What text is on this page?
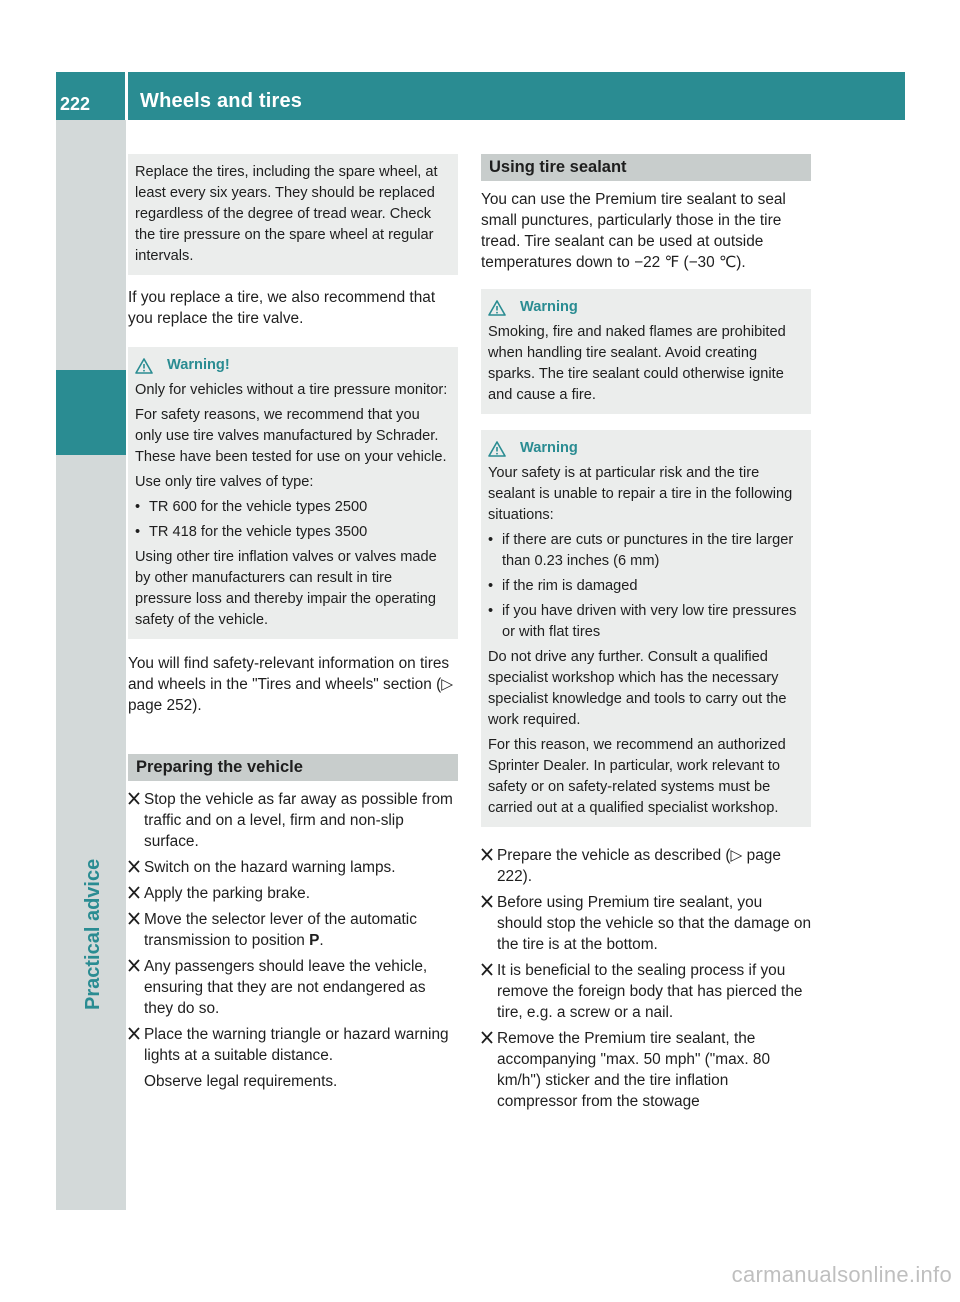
222	Wheels and tires
Practical advice

Replace the tires, including the spare wheel, at least every six years. They should be replaced regardless of the degree of tread wear. Check the tire pressure on the spare wheel at regular intervals.

If you replace a tire, we also recommend that you replace the tire valve.

Warning!

Only for vehicles without a tire pressure monitor:

For safety reasons, we recommend that you only use tire valves manufactured by Schrader. These have been tested for use on your vehicle.

Use only tire valves of type:

• TR 600 for the vehicle types 2500
• TR 418 for the vehicle types 3500

Using other tire inflation valves or valves made by other manufacturers can result in tire pressure loss and thereby impair the operating safety of the vehicle.

You will find safety-relevant information on tires and wheels in the "Tires and wheels" section (▷ page 252).

Preparing the vehicle
Stop the vehicle as far away as possible from traffic and on a level, firm and non-slip surface.
Switch on the hazard warning lamps.
Apply the parking brake.
Move the selector lever of the automatic transmission to position P.
Any passengers should leave the vehicle, ensuring that they are not endangered as they do so.
Place the warning triangle or hazard warning lights at a suitable distance.

Observe legal requirements.

Using tire sealant

You can use the Premium tire sealant to seal small punctures, particularly those in the tire tread. Tire sealant can be used at outside temperatures down to −22 ℉ (−30 ℃).

Warning

Smoking, fire and naked flames are prohibited when handling tire sealant. Avoid creating sparks. The tire sealant could otherwise ignite and cause a fire.

Warning

Your safety is at particular risk and the tire sealant is unable to repair a tire in the following situations:

• if there are cuts or punctures in the tire larger than 0.23 inches (6 mm)
• if the rim is damaged
• if you have driven with very low tire pressures or with flat tires

Do not drive any further. Consult a qualified specialist workshop which has the necessary specialist knowledge and tools to carry out the work required.

For this reason, we recommend an authorized Sprinter Dealer. In particular, work relevant to safety or on safety-related systems must be carried out at a qualified specialist workshop.

Prepare the vehicle as described (▷ page 222).
Before using Premium tire sealant, you should stop the vehicle so that the damage on the tire is at the bottom.
It is beneficial to the sealing process if you remove the foreign body that has pierced the tire, e.g. a screw or a nail.
Remove the Premium tire sealant, the accompanying "max. 50 mph" ("max. 80 km/h") sticker and the tire inflation compressor from the stowage
carmanualsonline.info
